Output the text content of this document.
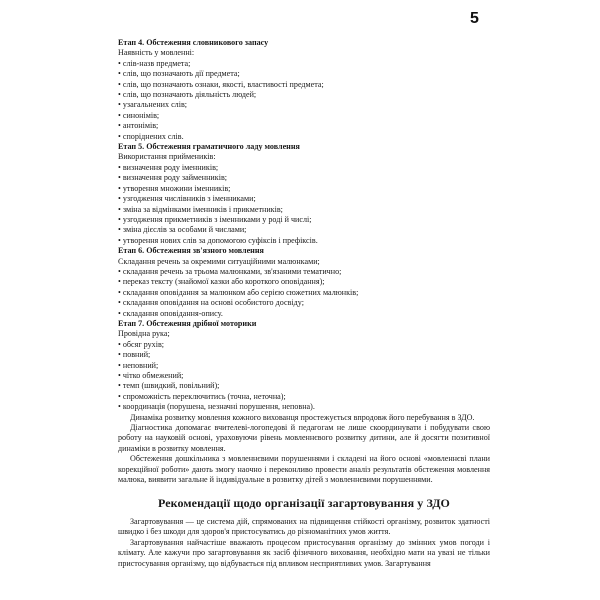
5
Етап 4. Обстеження словникового запасу
Наявність у мовленні:
• слів-назв предмета;
• слів, що позначають дії предмета;
• слів, що позначають ознаки, якості, властивості предмета;
• слів, що позначають діяльність людей;
• узагальнених слів;
• синонімів;
• антонімів;
• споріднених слів.
Етап 5. Обстеження граматичного ладу мовлення
Використання приймеників:
• визначення роду іменників;
• визначення роду займенників;
• утворення множини іменників;
• узгодження числівників з іменниками;
• зміна за відмінками іменників і прикметників;
• узгодження прикметників з іменниками у роді й числі;
• зміна дієслів за особами й числами;
• утворення нових слів за допомогою суфіксів і префіксів.
Етап 6. Обстеження зв'язного мовлення
Складання речень за окремими ситуаційними малюнками;
• складання речень за трьома малюнками, зв'язаними тематично;
• переказ тексту (знайомої казки або короткого оповідання);
• складання оповідання за малюнком або серією сюжетних малюнків;
• складання оповідання на основі особистого досвіду;
• складання оповідання-опису.
Етап 7. Обстеження дрібної моторики
Провідна рука;
• обсяг рухів;
• повний;
• неповний;
• чітко обмежений;
• темп (швидкий, повільний);
• спроможність переключитись (точна, неточна);
• координація (порушена, незначні порушення, неповна).
Динаміка розвитку мовлення кожного вихованця простежується впродовж його перебування в ЗДО.
Діагностика допомагає вчителеві-логопедові й педагогам не лише скоординувати і побудувати свою роботу на науковій основі, ураховуючи рівень мовленнєвого розвитку дитини, але й досягти позитивної динаміки в розвитку мовлення.
Обстеження дошкільника з мовленнєвими порушеннями і складені на його основі «мовленнєві плани корекційної роботи» дають змогу наочно і переконливо провести аналіз результатів обстеження мовлення малюка, виявити загальне й індивідуальне в розвитку дітей з мовленнєвими порушеннями.
Рекомендації щодо організації загартовування у ЗДО
Загартовування — це система дій, спрямованих на підвищення стійкості організму, розвиток здатності швидко і без шкоди для здоров'я пристосуватись до різноманітних умов життя.
Загартовування найчастіше вважають процесом пристосування організму до змінних умов погоди і клімату. Але кажучи про загартовування як засіб фізичного виховання, необхідно мати на увазі не тільки пристосування організму, що відбувається під впливом несприятливих умов. Загартування
